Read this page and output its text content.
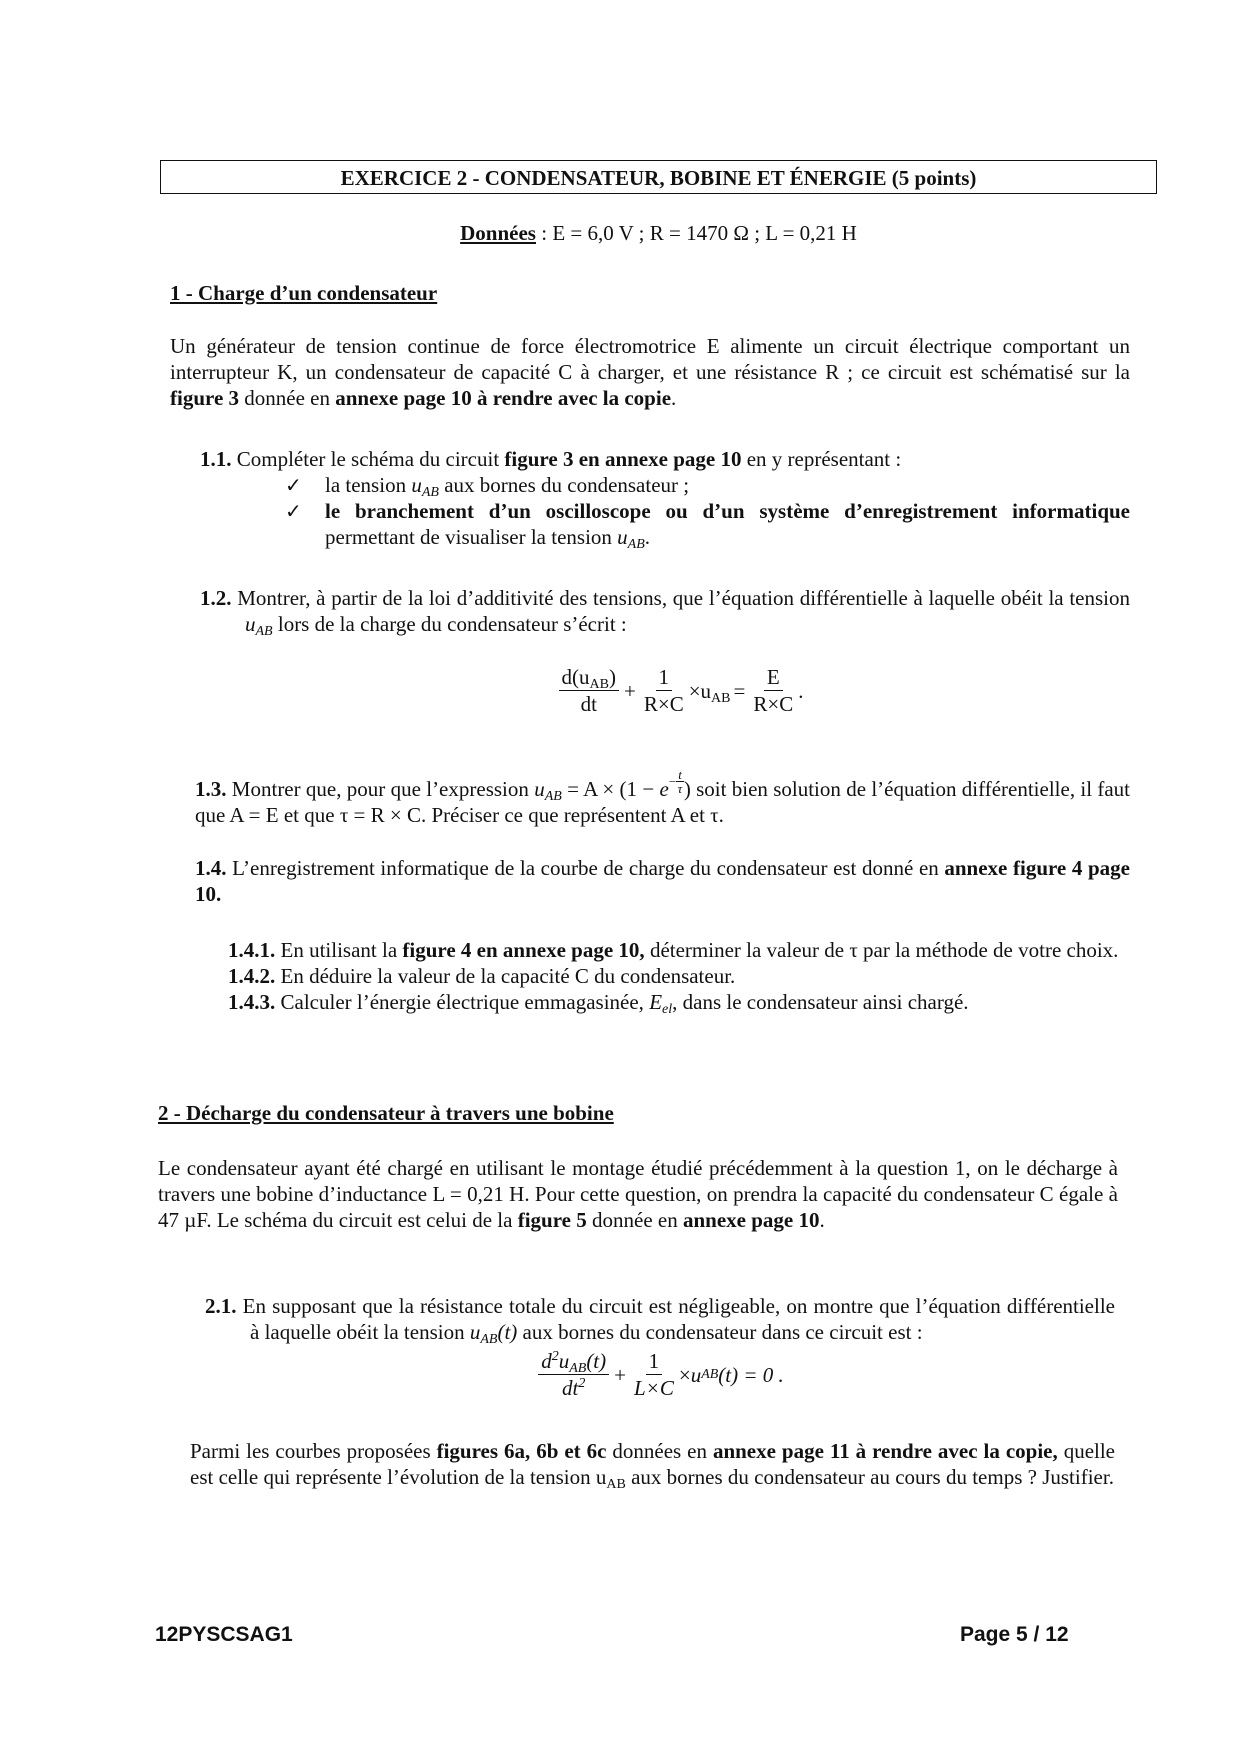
EXERCICE 2 - CONDENSATEUR, BOBINE ET ÉNERGIE (5 points)
Données : E = 6,0 V ; R = 1470 Ω ; L = 0,21 H
1 - Charge d’un condensateur
Un générateur de tension continue de force électromotrice E alimente un circuit électrique comportant un interrupteur K, un condensateur de capacité C à charger, et une résistance R ; ce circuit est schématisé sur la figure 3 donnée en annexe page 10 à rendre avec la copie.
1.1. Compléter le schéma du circuit figure 3 en annexe page 10 en y représentant :
✓	la tension $u_{AB}$ aux bornes du condensateur ;
✓	le branchement d’un oscilloscope ou d’un système d’enregistrement informatique permettant de visualiser la tension $u_{AB}$.
1.2. Montrer, à partir de la loi d’additivité des tensions, que l’équation différentielle à laquelle obéit la tension $u_{AB}$ lors de la charge du condensateur s’écrit :
$\frac{d(u_{AB})}{dt} + \frac{1}{R\times C} \times u_{AB} = \frac{E}{R\times C}$ .
1.3. Montrer que, pour que l’expression $u_{AB} = A \times (1 - e - \frac{t}{\tau}$ ) soit bien solution de l’équation différentielle, il faut que A = E et que τ = R × C. Préciser ce que représentent A et τ.
1.4. L’enregistrement informatique de la courbe de charge du condensateur est donné en annexe figure 4 page 10.
1.4.1. En utilisant la figure 4 en annexe page 10, déterminer la valeur de τ par la méthode de votre choix.
1.4.2. En déduire la valeur de la capacité C du condensateur.
1.4.3. Calculer l’énergie électrique emmagasinée, $E_{el}$, dans le condensateur ainsi chargé.
2 - Décharge du condensateur à travers une bobine
Le condensateur ayant été chargé en utilisant le montage étudié précédemment à la question 1, on le décharge à travers une bobine d’inductance L = 0,21 H. Pour cette question, on prendra la capacité du condensateur C égale à 47 µF. Le schéma du circuit est celui de la figure 5 donnée en annexe page 10.
2.1. En supposant que la résistance totale du circuit est négligeable, on montre que l’équation différentielle à laquelle obéit la tension $u_{AB}(t)$ aux bornes du condensateur dans ce circuit est :
$\frac{d^2u_{AB}(t)}{dt^2} + \frac{1}{L\times C} \times u$ AB (t) = 0 .
Parmi les courbes proposées figures 6a, 6b et 6c données en annexe page 11 à rendre avec la copie, quelle est celle qui représente l’évolution de la tension $u_{AB}$ aux bornes du condensateur au cours du temps ? Justifier.
12PYSCSAG1	Page 5 / 12
